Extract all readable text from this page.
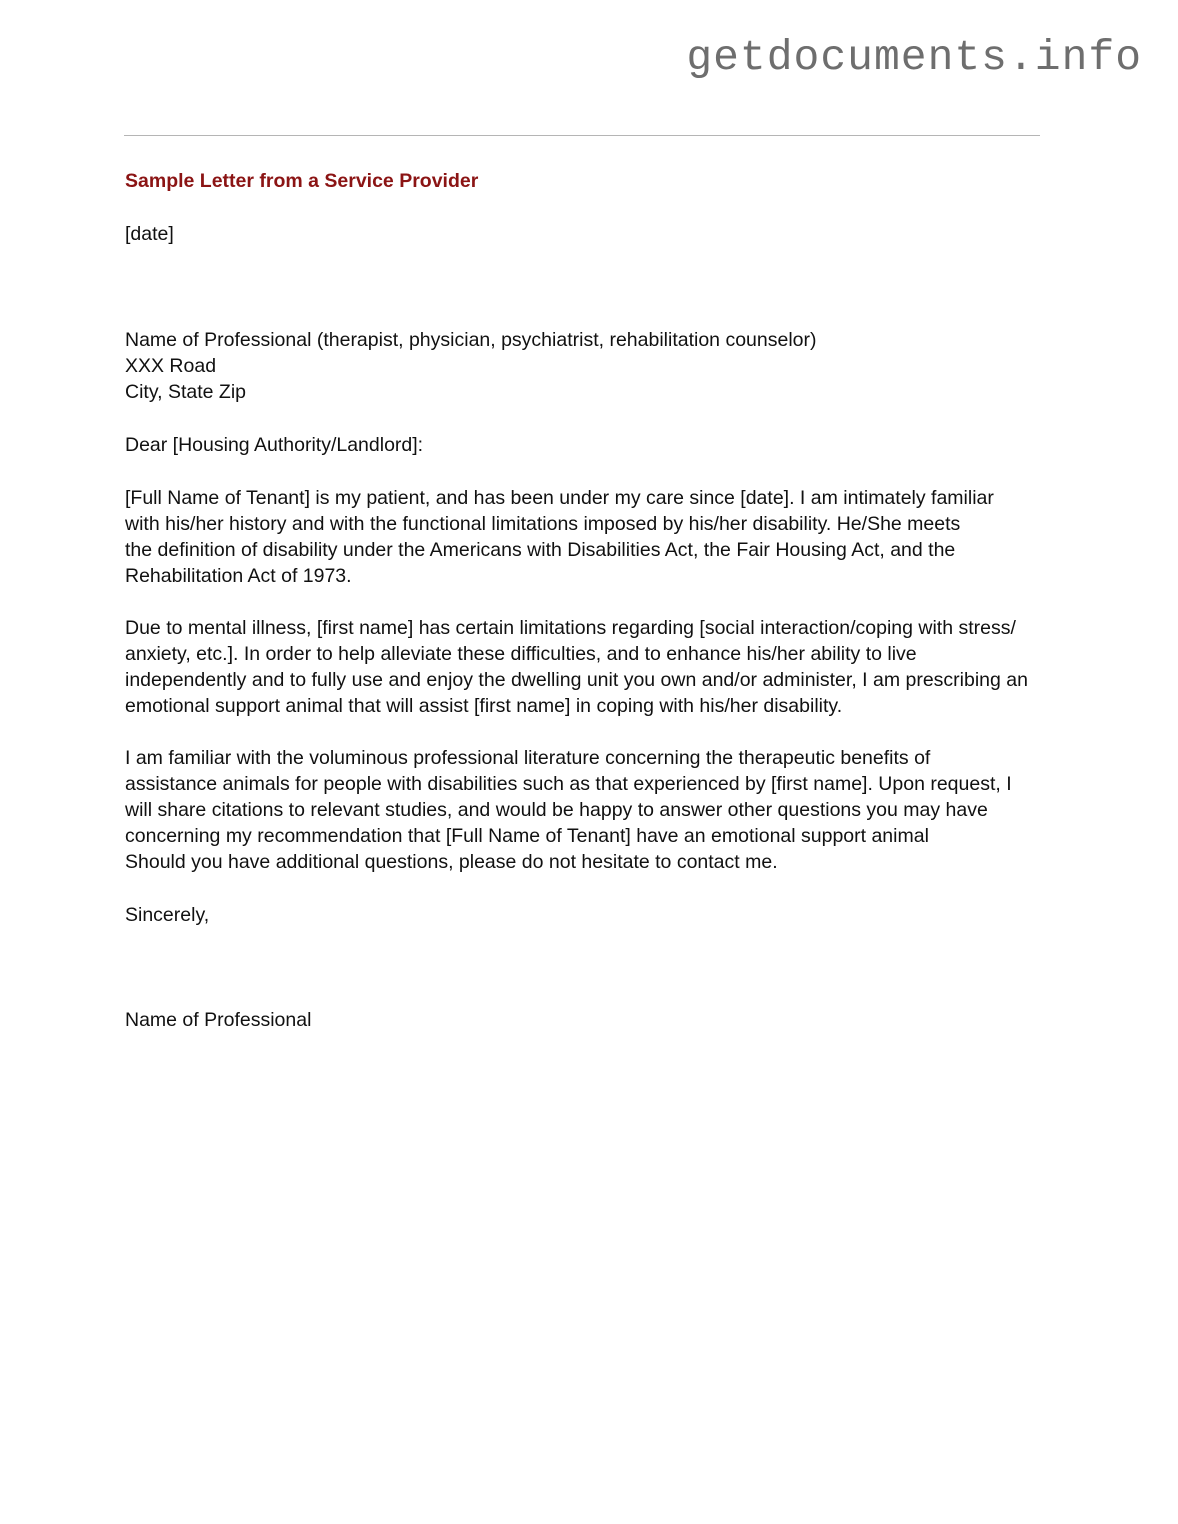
getdocuments.info
Sample Letter from a Service Provider
[date]
Name of Professional (therapist, physician, psychiatrist, rehabilitation counselor)
XXX Road
City, State Zip
Dear [Housing Authority/Landlord]:
[Full Name of Tenant] is my patient, and has been under my care since [date]. I am intimately familiar
with his/her history and with the functional limitations imposed by his/her disability. He/She meets
the definition of disability under the Americans with Disabilities Act, the Fair Housing Act, and the
Rehabilitation Act of 1973.
Due to mental illness, [first name] has certain limitations regarding [social interaction/coping with stress/
anxiety, etc.]. In order to help alleviate these difficulties, and to enhance his/her ability to live
independently and to fully use and enjoy the dwelling unit you own and/or administer, I am prescribing an
emotional support animal that will assist [first name] in coping with his/her disability.
I am familiar with the voluminous professional literature concerning the therapeutic benefits of
assistance animals for people with disabilities such as that experienced by [first name]. Upon request, I
will share citations to relevant studies, and would be happy to answer other questions you may have
concerning my recommendation that [Full Name of Tenant] have an emotional support animal
Should you have additional questions, please do not hesitate to contact me.
Sincerely,
Name of Professional
